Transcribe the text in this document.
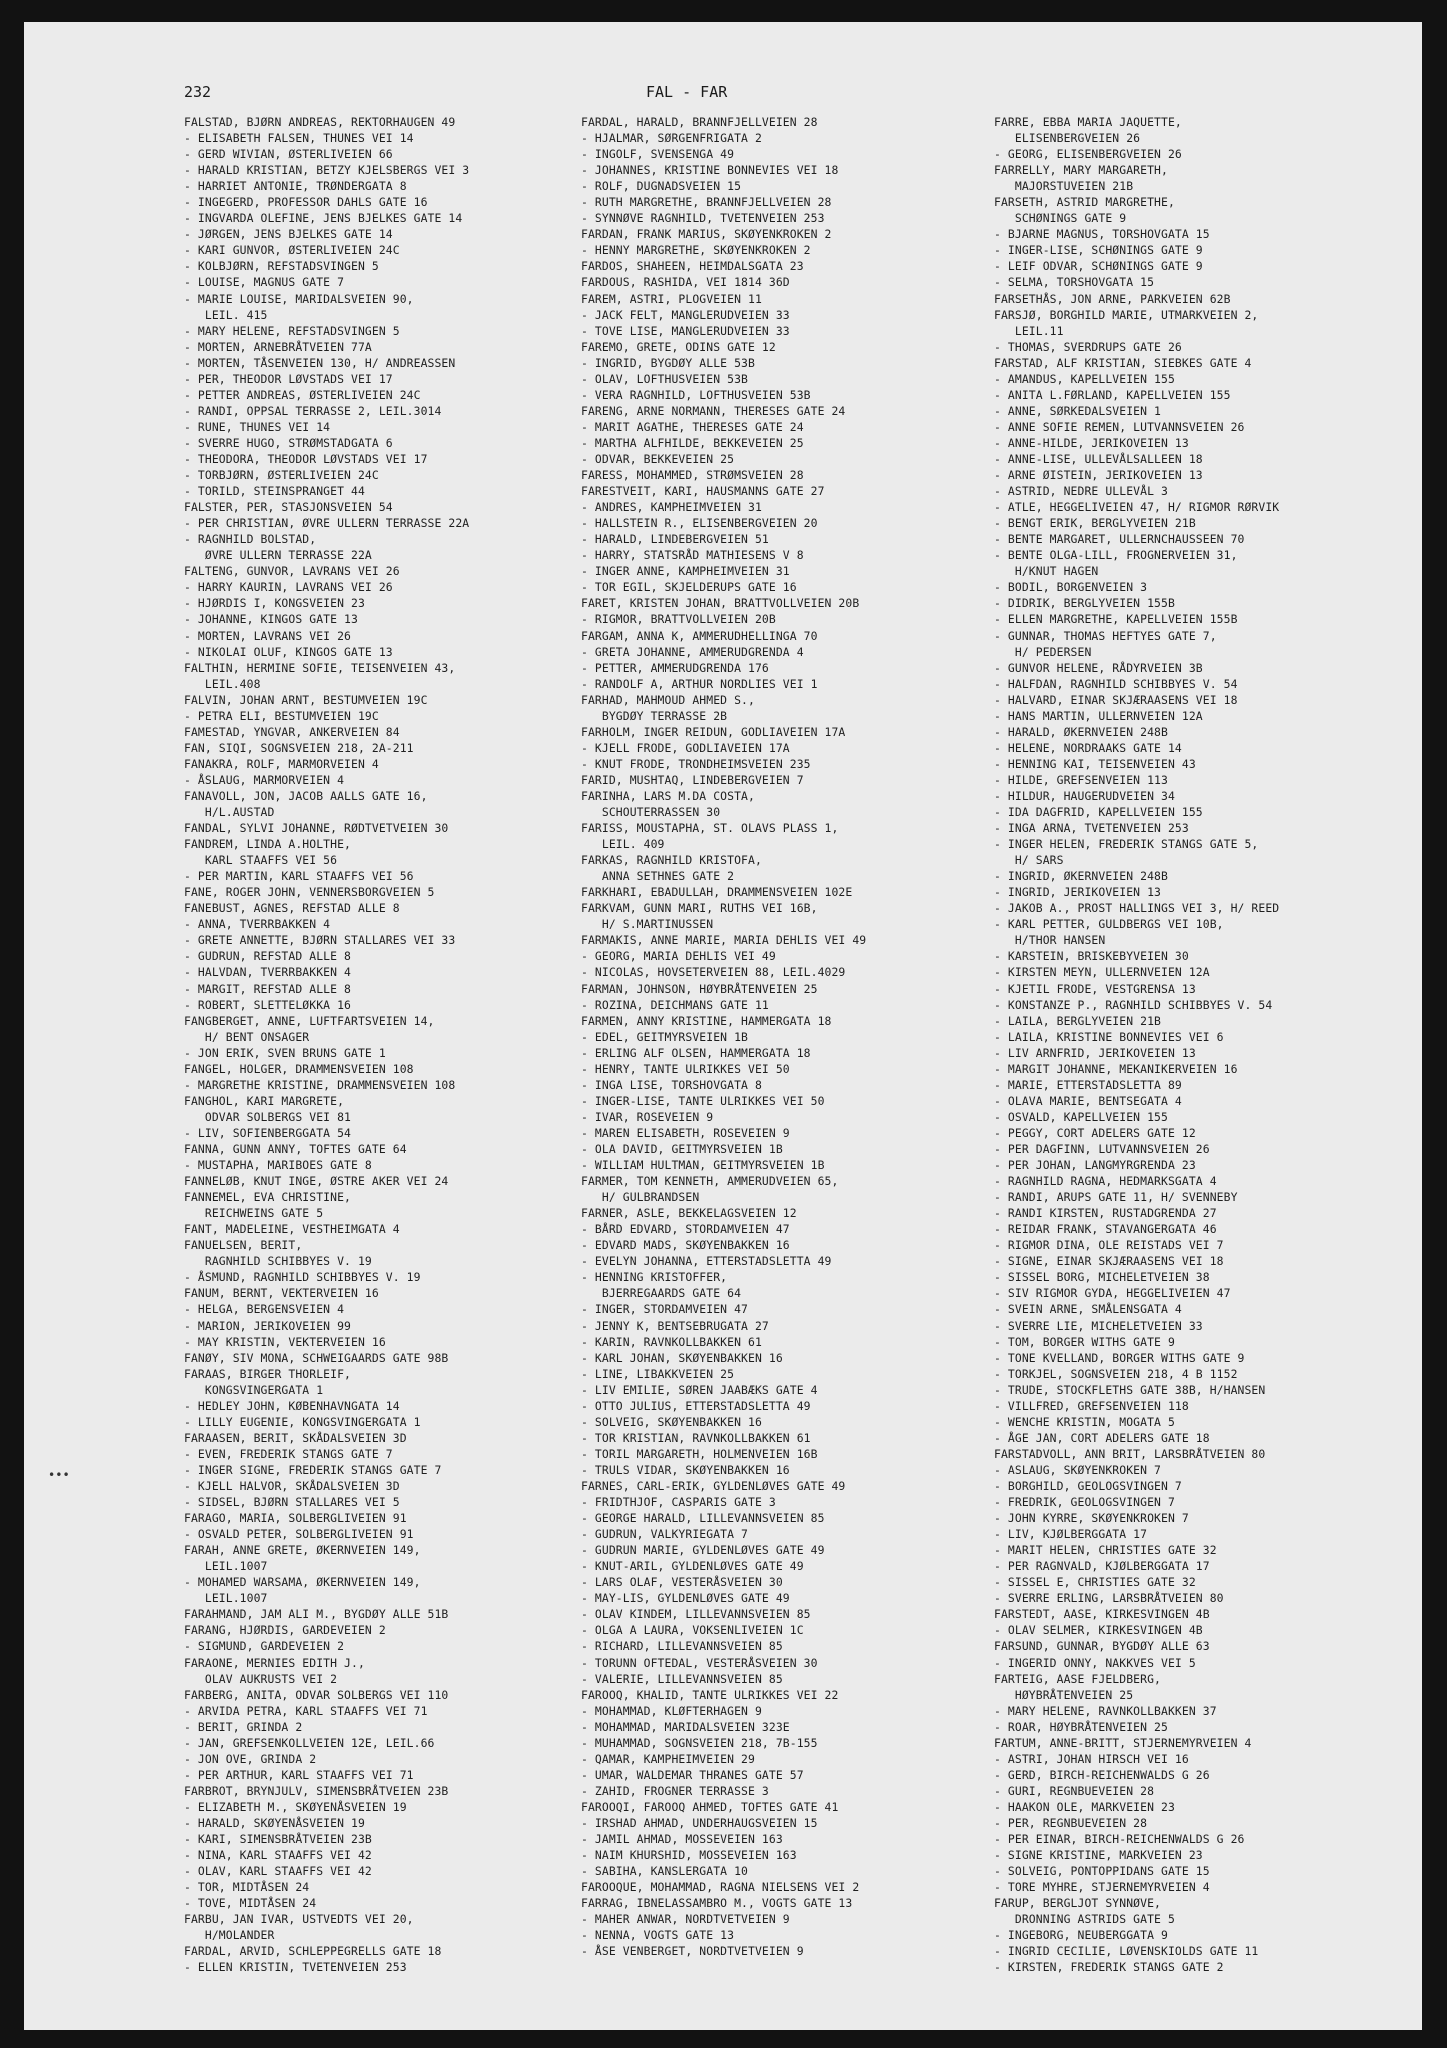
232	FAL - FAR
•••
FALSTAD, BJØRN ANDREAS, REKTORHAUGEN 49
- ELISABETH FALSEN, THUNES VEI 14
- GERD WIVIAN, ØSTERLIVEIEN 66
- HARALD KRISTIAN, BETZY KJELSBERGS VEI 3
- HARRIET ANTONIE, TRØNDERGATA 8
- INGEGERD, PROFESSOR DAHLS GATE 16
- INGVARDA OLEFINE, JENS BJELKES GATE 14
- JØRGEN, JENS BJELKES GATE 14
- KARI GUNVOR, ØSTERLIVEIEN 24C
- KOLBJØRN, REFSTADSVINGEN 5
- LOUISE, MAGNUS GATE 7
- MARIE LOUISE, MARIDALSVEIEN 90,
LEIL. 415
- MARY HELENE, REFSTADSVINGEN 5
- MORTEN, ARNEBRÅTVEIEN 77A
- MORTEN, TÅSENVEIEN 130, H/ ANDREASSEN
- PER, THEODOR LØVSTADS VEI 17
- PETTER ANDREAS, ØSTERLIVEIEN 24C
- RANDI, OPPSAL TERRASSE 2, LEIL.3014
- RUNE, THUNES VEI 14
- SVERRE HUGO, STRØMSTADGATA 6
- THEODORA, THEODOR LØVSTADS VEI 17
- TORBJØRN, ØSTERLIVEIEN 24C
- TORILD, STEINSPRANGET 44
FALSTER, PER, STASJONSVEIEN 54
- PER CHRISTIAN, ØVRE ULLERN TERRASSE 22A
- RAGNHILD BOLSTAD,
ØVRE ULLERN TERRASSE 22A
FALTENG, GUNVOR, LAVRANS VEI 26
- HARRY KAURIN, LAVRANS VEI 26
- HJØRDIS I, KONGSVEIEN 23
- JOHANNE, KINGOS GATE 13
- MORTEN, LAVRANS VEI 26
- NIKOLAI OLUF, KINGOS GATE 13
FALTHIN, HERMINE SOFIE, TEISENVEIEN 43,
LEIL.408
FALVIN, JOHAN ARNT, BESTUMVEIEN 19C
- PETRA ELI, BESTUMVEIEN 19C
FAMESTAD, YNGVAR, ANKERVEIEN 84
FAN, SIQI, SOGNSVEIEN 218, 2A-211
FANAKRA, ROLF, MARMORVEIEN 4
- ÅSLAUG, MARMORVEIEN 4
FANAVOLL, JON, JACOB AALLS GATE 16,
H/L.AUSTAD
FANDAL, SYLVI JOHANNE, RØDTVETVEIEN 30
FANDREM, LINDA A.HOLTHE,
KARL STAAFFS VEI 56
- PER MARTIN, KARL STAAFFS VEI 56
FANE, ROGER JOHN, VENNERSBORGVEIEN 5
FANEBUST, AGNES, REFSTAD ALLE 8
- ANNA, TVERRBAKKEN 4
- GRETE ANNETTE, BJØRN STALLARES VEI 33
- GUDRUN, REFSTAD ALLE 8
- HALVDAN, TVERRBAKKEN 4
- MARGIT, REFSTAD ALLE 8
- ROBERT, SLETTELØKKA 16
FANGBERGET, ANNE, LUFTFARTSVEIEN 14,
H/ BENT ONSAGER
- JON ERIK, SVEN BRUNS GATE 1
FANGEL, HOLGER, DRAMMENSVEIEN 108
- MARGRETHE KRISTINE, DRAMMENSVEIEN 108
FANGHOL, KARI MARGRETE,
ODVAR SOLBERGS VEI 81
- LIV, SOFIENBERGGATA 54
FANNA, GUNN ANNY, TOFTES GATE 64
- MUSTAPHA, MARIBOES GATE 8
FANNELØB, KNUT INGE, ØSTRE AKER VEI 24
FANNEMEL, EVA CHRISTINE,
REICHWEINS GATE 5
FANT, MADELEINE, VESTHEIMGATA 4
FANUELSEN, BERIT,
RAGNHILD SCHIBBYES V. 19
- ÅSMUND, RAGNHILD SCHIBBYES V. 19
FANUM, BERNT, VEKTERVEIEN 16
- HELGA, BERGENSVEIEN 4
- MARION, JERIKOVEIEN 99
- MAY KRISTIN, VEKTERVEIEN 16
FANØY, SIV MONA, SCHWEIGAARDS GATE 98B
FARAAS, BIRGER THORLEIF,
KONGSVINGERGATA 1
- HEDLEY JOHN, KØBENHAVNGATA 14
- LILLY EUGENIE, KONGSVINGERGATA 1
FARAASEN, BERIT, SKÅDALSVEIEN 3D
- EVEN, FREDERIK STANGS GATE 7
- INGER SIGNE, FREDERIK STANGS GATE 7
- KJELL HALVOR, SKÅDALSVEIEN 3D
- SIDSEL, BJØRN STALLARES VEI 5
FARAGO, MARIA, SOLBERGLIVEIEN 91
- OSVALD PETER, SOLBERGLIVEIEN 91
FARAH, ANNE GRETE, ØKERNVEIEN 149,
LEIL.1007
- MOHAMED WARSAMA, ØKERNVEIEN 149,
LEIL.1007
FARAHMAND, JAM ALI M., BYGDØY ALLE 51B
FARANG, HJØRDIS, GARDEVEIEN 2
- SIGMUND, GARDEVEIEN 2
FARAONE, MERNIES EDITH J.,
OLAV AUKRUSTS VEI 2
FARBERG, ANITA, ODVAR SOLBERGS VEI 110
- ARVIDA PETRA, KARL STAAFFS VEI 71
- BERIT, GRINDA 2
- JAN, GREFSENKOLLVEIEN 12E, LEIL.66
- JON OVE, GRINDA 2
- PER ARTHUR, KARL STAAFFS VEI 71
FARBROT, BRYNJULV, SIMENSBRÅTVEIEN 23B
- ELIZABETH M., SKØYENÅSVEIEN 19
- HARALD, SKØYENÅSVEIEN 19
- KARI, SIMENSBRÅTVEIEN 23B
- NINA, KARL STAAFFS VEI 42
- OLAV, KARL STAAFFS VEI 42
- TOR, MIDTÅSEN 24
- TOVE, MIDTÅSEN 24
FARBU, JAN IVAR, USTVEDTS VEI 20,
H/MOLANDER
FARDAL, ARVID, SCHLEPPEGRELLS GATE 18
- ELLEN KRISTIN, TVETENVEIEN 253
FARDAL, HARALD, BRANNFJELLVEIEN 28
- HJALMAR, SØRGENFRIGATA 2
- INGOLF, SVENSENGA 49
- JOHANNES, KRISTINE BONNEVIES VEI 18
- ROLF, DUGNADSVEIEN 15
- RUTH MARGRETHE, BRANNFJELLVEIEN 28
- SYNNØVE RAGNHILD, TVETENVEIEN 253
FARDAN, FRANK MARIUS, SKØYENKROKEN 2
- HENNY MARGRETHE, SKØYENKROKEN 2
FARDOS, SHAHEEN, HEIMDALSGATA 23
FARDOUS, RASHIDA, VEI 1814 36D
FAREM, ASTRI, PLOGVEIEN 11
- JACK FELT, MANGLERUDVEIEN 33
- TOVE LISE, MANGLERUDVEIEN 33
FAREMO, GRETE, ODINS GATE 12
- INGRID, BYGDØY ALLE 53B
- OLAV, LOFTHUSVEIEN 53B
- VERA RAGNHILD, LOFTHUSVEIEN 53B
FARENG, ARNE NORMANN, THERESES GATE 24
- MARIT AGATHE, THERESES GATE 24
- MARTHA ALFHILDE, BEKKEVEIEN 25
- ODVAR, BEKKEVEIEN 25
FARESS, MOHAMMED, STRØMSVEIEN 28
FARESTVEIT, KARI, HAUSMANNS GATE 27
- ANDRES, KAMPHEIMVEIEN 31
- HALLSTEIN R., ELISENBERGVEIEN 20
- HARALD, LINDEBERGVEIEN 51
- HARRY, STATSRÅD MATHIESENS V 8
- INGER ANNE, KAMPHEIMVEIEN 31
- TOR EGIL, SKJELDERUPS GATE 16
FARET, KRISTEN JOHAN, BRATTVOLLVEIEN 20B
- RIGMOR, BRATTVOLLVEIEN 20B
FARGAM, ANNA K, AMMERUDHELLINGA 70
- GRETA JOHANNE, AMMERUDGRENDA 4
- PETTER, AMMERUDGRENDA 176
- RANDOLF A, ARTHUR NORDLIES VEI 1
FARHAD, MAHMOUD AHMED S.,
BYGDØY TERRASSE 2B
FARHOLM, INGER REIDUN, GODLIAVEIEN 17A
- KJELL FRODE, GODLIAVEIEN 17A
- KNUT FRODE, TRONDHEIMSVEIEN 235
FARID, MUSHTAQ, LINDEBERGVEIEN 7
FARINHA, LARS M.DA COSTA,
SCHOUTERRASSEN 30
FARISS, MOUSTAPHA, ST. OLAVS PLASS 1,
LEIL. 409
FARKAS, RAGNHILD KRISTOFA,
ANNA SETHNES GATE 2
FARKHARI, EBADULLAH, DRAMMENSVEIEN 102E
FARKVAM, GUNN MARI, RUTHS VEI 16B,
H/ S.MARTINUSSEN
FARMAKIS, ANNE MARIE, MARIA DEHLIS VEI 49
- GEORG, MARIA DEHLIS VEI 49
- NICOLAS, HOVSETERVEIEN 88, LEIL.4029
FARMAN, JOHNSON, HØYBRÅTENVEIEN 25
- ROZINA, DEICHMANS GATE 11
FARMEN, ANNY KRISTINE, HAMMERGATA 18
- EDEL, GEITMYRSVEIEN 1B
- ERLING ALF OLSEN, HAMMERGATA 18
- HENRY, TANTE ULRIKKES VEI 50
- INGA LISE, TORSHOVGATA 8
- INGER-LISE, TANTE ULRIKKES VEI 50
- IVAR, ROSEVEIEN 9
- MAREN ELISABETH, ROSEVEIEN 9
- OLA DAVID, GEITMYRSVEIEN 1B
- WILLIAM HULTMAN, GEITMYRSVEIEN 1B
FARMER, TOM KENNETH, AMMERUDVEIEN 65,
H/ GULBRANDSEN
FARNER, ASLE, BEKKELAGSVEIEN 12
- BÅRD EDVARD, STORDAMVEIEN 47
- EDVARD MADS, SKØYENBAKKEN 16
- EVELYN JOHANNA, ETTERSTADSLETTA 49
- HENNING KRISTOFFER,
BJERREGAARDS GATE 64
- INGER, STORDAMVEIEN 47
- JENNY K, BENTSEBRUGATA 27
- KARIN, RAVNKOLLBAKKEN 61
- KARL JOHAN, SKØYENBAKKEN 16
- LINE, LIBAKKVEIEN 25
- LIV EMILIE, SØREN JAABÆKS GATE 4
- OTTO JULIUS, ETTERSTADSLETTA 49
- SOLVEIG, SKØYENBAKKEN 16
- TOR KRISTIAN, RAVNKOLLBAKKEN 61
- TORIL MARGARETH, HOLMENVEIEN 16B
- TRULS VIDAR, SKØYENBAKKEN 16
FARNES, CARL-ERIK, GYLDENLØVES GATE 49
- FRIDTHJOF, CASPARIS GATE 3
- GEORGE HARALD, LILLEVANNSVEIEN 85
- GUDRUN, VALKYRIEGATA 7
- GUDRUN MARIE, GYLDENLØVES GATE 49
- KNUT-ARIL, GYLDENLØVES GATE 49
- LARS OLAF, VESTERÅSVEIEN 30
- MAY-LIS, GYLDENLØVES GATE 49
- OLAV KINDEM, LILLEVANNSVEIEN 85
- OLGA A LAURA, VOKSENLIVEIEN 1C
- RICHARD, LILLEVANNSVEIEN 85
- TORUNN OFTEDAL, VESTERÅSVEIEN 30
- VALERIE, LILLEVANNSVEIEN 85
FAROOQ, KHALID, TANTE ULRIKKES VEI 22
- MOHAMMAD, KLØFTERHAGEN 9
- MOHAMMAD, MARIDALSVEIEN 323E
- MUHAMMAD, SOGNSVEIEN 218, 7B-155
- QAMAR, KAMPHEIMVEIEN 29
- UMAR, WALDEMAR THRANES GATE 57
- ZAHID, FROGNER TERRASSE 3
FAROOQI, FAROOQ AHMED, TOFTES GATE 41
- IRSHAD AHMAD, UNDERHAUGSVEIEN 15
- JAMIL AHMAD, MOSSEVEIEN 163
- NAIM KHURSHID, MOSSEVEIEN 163
- SABIHA, KANSLERGATA 10
FAROOQUE, MOHAMMAD, RAGNA NIELSENS VEI 2
FARRAG, IBNELASSAMBRO M., VOGTS GATE 13
- MAHER ANWAR, NORDTVETVEIEN 9
- NENNA, VOGTS GATE 13
- ÅSE VENBERGET, NORDTVETVEIEN 9
FARRE, EBBA MARIA JAQUETTE,
ELISENBERGVEIEN 26
- GEORG, ELISENBERGVEIEN 26
FARRELLY, MARY MARGARETH,
MAJORSTUVEIEN 21B
FARSETH, ASTRID MARGRETHE,
SCHØNINGS GATE 9
- BJARNE MAGNUS, TORSHOVGATA 15
- INGER-LISE, SCHØNINGS GATE 9
- LEIF ODVAR, SCHØNINGS GATE 9
- SELMA, TORSHOVGATA 15
FARSETHÅS, JON ARNE, PARKVEIEN 62B
FARSJØ, BORGHILD MARIE, UTMARKVEIEN 2,
LEIL.11
- THOMAS, SVERDRUPS GATE 26
FARSTAD, ALF KRISTIAN, SIEBKES GATE 4
- AMANDUS, KAPELLVEIEN 155
- ANITA L.FØRLAND, KAPELLVEIEN 155
- ANNE, SØRKEDALSVEIEN 1
- ANNE SOFIE REMEN, LUTVANNSVEIEN 26
- ANNE-HILDE, JERIKOVEIEN 13
- ANNE-LISE, ULLEVÅLSALLEEN 18
- ARNE ØISTEIN, JERIKOVEIEN 13
- ASTRID, NEDRE ULLEVÅL 3
- ATLE, HEGGELIVEIEN 47, H/ RIGMOR RØRVIK
- BENGT ERIK, BERGLYVEIEN 21B
- BENTE MARGARET, ULLERNCHAUSSEEN 70
- BENTE OLGA-LILL, FROGNERVEIEN 31,
H/KNUT HAGEN
- BODIL, BORGENVEIEN 3
- DIDRIK, BERGLYVEIEN 155B
- ELLEN MARGRETHE, KAPELLVEIEN 155B
- GUNNAR, THOMAS HEFTYES GATE 7,
H/ PEDERSEN
- GUNVOR HELENE, RÅDYRVEIEN 3B
- HALFDAN, RAGNHILD SCHIBBYES V. 54
- HALVARD, EINAR SKJÆRAASENS VEI 18
- HANS MARTIN, ULLERNVEIEN 12A
- HARALD, ØKERNVEIEN 248B
- HELENE, NORDRAAKS GATE 14
- HENNING KAI, TEISENVEIEN 43
- HILDE, GREFSENVEIEN 113
- HILDUR, HAUGERUDVEIEN 34
- IDA DAGFRID, KAPELLVEIEN 155
- INGA ARNA, TVETENVEIEN 253
- INGER HELEN, FREDERIK STANGS GATE 5,
H/ SARS
- INGRID, ØKERNVEIEN 248B
- INGRID, JERIKOVEIEN 13
- JAKOB A., PROST HALLINGS VEI 3, H/ REED
- KARL PETTER, GULDBERGS VEI 10B,
H/THOR HANSEN
- KARSTEIN, BRISKEBYVEIEN 30
- KIRSTEN MEYN, ULLERNVEIEN 12A
- KJETIL FRODE, VESTGRENSA 13
- KONSTANZE P., RAGNHILD SCHIBBYES V. 54
- LAILA, BERGLYVEIEN 21B
- LAILA, KRISTINE BONNEVIES VEI 6
- LIV ARNFRID, JERIKOVEIEN 13
- MARGIT JOHANNE, MEKANIKERVEIEN 16
- MARIE, ETTERSTADSLETTA 89
- OLAVA MARIE, BENTSEGATA 4
- OSVALD, KAPELLVEIEN 155
- PEGGY, CORT ADELERS GATE 12
- PER DAGFINN, LUTVANNSVEIEN 26
- PER JOHAN, LANGMYRGRENDA 23
- RAGNHILD RAGNA, HEDMARKSGATA 4
- RANDI, ARUPS GATE 11, H/ SVENNEBY
- RANDI KIRSTEN, RUSTADGRENDA 27
- REIDAR FRANK, STAVANGERGATA 46
- RIGMOR DINA, OLE REISTADS VEI 7
- SIGNE, EINAR SKJÆRAASENS VEI 18
- SISSEL BORG, MICHELETVEIEN 38
- SIV RIGMOR GYDA, HEGGELIVEIEN 47
- SVEIN ARNE, SMÅLENSGATA 4
- SVERRE LIE, MICHELETVEIEN 33
- TOM, BORGER WITHS GATE 9
- TONE KVELLAND, BORGER WITHS GATE 9
- TORKJEL, SOGNSVEIEN 218, 4 B 1152
- TRUDE, STOCKFLETHS GATE 38B, H/HANSEN
- VILLFRED, GREFSENVEIEN 118
- WENCHE KRISTIN, MOGATA 5
- ÅGE JAN, CORT ADELERS GATE 18
FARSTADVOLL, ANN BRIT, LARSBRÅTVEIEN 80
- ASLAUG, SKØYENKROKEN 7
- BORGHILD, GEOLOGSVINGEN 7
- FREDRIK, GEOLOGSVINGEN 7
- JOHN KYRRE, SKØYENKROKEN 7
- LIV, KJØLBERGGATA 17
- MARIT HELEN, CHRISTIES GATE 32
- PER RAGNVALD, KJØLBERGGATA 17
- SISSEL E, CHRISTIES GATE 32
- SVERRE ERLING, LARSBRÅTVEIEN 80
FARSTEDT, AASE, KIRKESVINGEN 4B
- OLAV SELMER, KIRKESVINGEN 4B
FARSUND, GUNNAR, BYGDØY ALLE 63
- INGERID ONNY, NAKKVES VEI 5
FARTEIG, AASE FJELDBERG,
HØYBRÅTENVEIEN 25
- MARY HELENE, RAVNKOLLBAKKEN 37
- ROAR, HØYBRÅTENVEIEN 25
FARTUM, ANNE-BRITT, STJERNEMYRVEIEN 4
- ASTRI, JOHAN HIRSCH VEI 16
- GERD, BIRCH-REICHENWALDS G 26
- GURI, REGNBUEVEIEN 28
- HAAKON OLE, MARKVEIEN 23
- PER, REGNBUEVEIEN 28
- PER EINAR, BIRCH-REICHENWALDS G 26
- SIGNE KRISTINE, MARKVEIEN 23
- SOLVEIG, PONTOPPIDANS GATE 15
- TORE MYHRE, STJERNEMYRVEIEN 4
FARUP, BERGLJOT SYNNØVE,
DRONNING ASTRIDS GATE 5
- INGEBORG, NEUBERGGATA 9
- INGRID CECILIE, LØVENSKIOLDS GATE 11
- KIRSTEN, FREDERIK STANGS GATE 2
